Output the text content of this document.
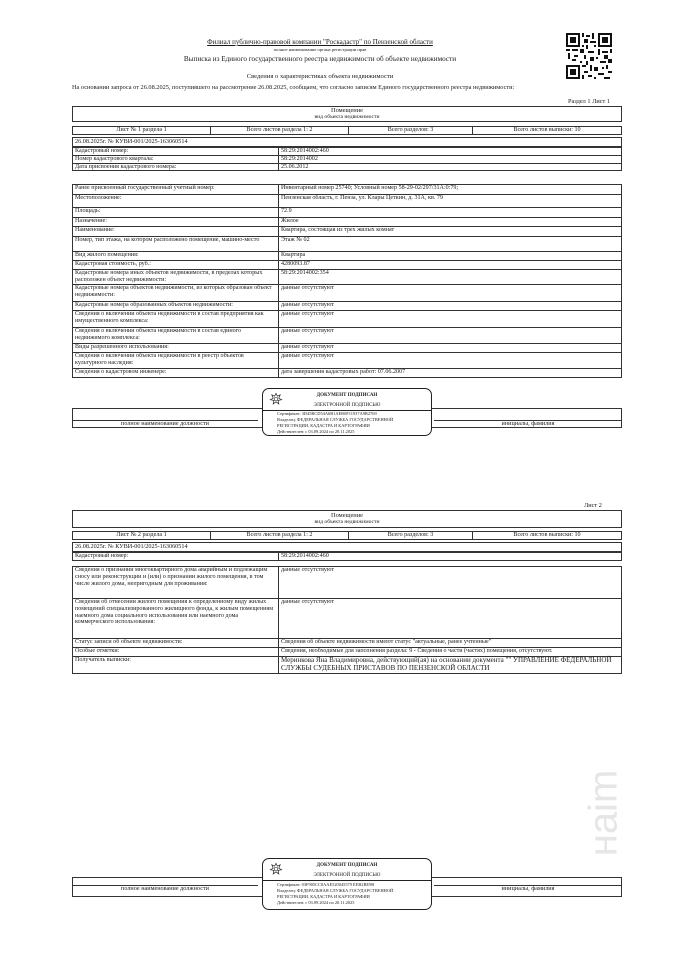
Филиал публично-правовой компании "Роскадастр" по Пензенской области
полное наименование органа регистрации прав
Выписка из Единого государственного реестра недвижимости об объекте недвижимости
Сведения о характеристиках объекта недвижимости
На основании запроса от 26.08.2025, поступившего на рассмотрение 26.08.2025, сообщаем, что согласно записям Единого государственного реестра недвижимости:
Раздел 1 Лист 1
Помещение
вид объекта недвижимости
Лист № 1 раздела 1	Всего листов раздела 1: 2	Всего разделов: 3	Всего листов выписки: 10
26.08.2025г. № КУВИ-001/2025-163060514
Кадастровый номер:	58:29:2014002:460
Номер кадастрового квартала:	58:29:2014002
Дата присвоения кадастрового номера:	25.06.2012
Ранее присвоенный государственный учетный номер:	Инвентарный номер 25740; Условный номер 58-29-02/297/31А:0:79;
Местоположение:	Пензенская область, г. Пенза, ул. Клары Цеткин, д. 31А, кв. 79
Площадь:	72.9
Назначение:	Жилое
Наименование:	Квартира, состоящая из трех жилых комнат
Номер, тип этажа, на котором расположено помещение, машино-место	Этаж № 02
Вид жилого помещения:	Квартира
Кадастровая стоимость, руб.:	4280093.87
Кадастровые номера иных объектов недвижимости, в пределах которых расположен объект недвижимости:	58:29:2014002:354
Кадастровые номера объектов недвижимости, из которых образован объект недвижимости:	данные отсутствуют
Кадастровые номера образованных объектов недвижимости:	данные отсутствуют
Сведения о включении объекта недвижимости в состав предприятия как имущественного комплекса:	данные отсутствуют
Сведения о включении объекта недвижимости в состав единого недвижимого комплекса:	данные отсутствуют
Виды разрешенного использования:	данные отсутствуют
Сведения о включении объекта недвижимости в реестр объектов культурного наследия:	данные отсутствуют
Сведения о кадастровом инженере:	дата завершения кадастровых работ: 07.06.2007
полное наименование должности	инициалы, фамилия
ДОКУМЕНТ ПОДПИСАН
ЭЛЕКТРОННОЙ ПОДПИСЬЮ
Сертификат: 3D45BCD54A6B1AEB0F11937A9B2769
Владелец: ФЕДЕРАЛЬНАЯ СЛУЖБА ГОСУДАРСТВЕННОЙ
РЕГИСТРАЦИИ, КАДАСТРА И КАРТОГРАФИИ
Действителен: с 03.09.2024 по 20.11.2025
Лист 2
Помещение
вид объекта недвижимости
Лист № 2 раздела 1	Всего листов раздела 1: 2	Всего разделов: 3	Всего листов выписки: 10
26.08.2025г. № КУВИ-001/2025-163060514
Кадастровый номер:	58:29:2014002:460
Сведения о признании многоквартирного дома аварийным и подлежащим сносу или реконструкции и (или) о признании жилого помещения, в том числе жилого дома, непригодным для проживания:	данные отсутствуют
Сведения об отнесении жилого помещения к определенному виду жилых помещений специализированного жилищного фонда, к жилым помещениям наемного дома социального использования или наемного дома коммерческого использования:	данные отсутствуют
Статус записи об объекте недвижимости:	Сведения об объекте недвижимости имеют статус "актуальные, ранее учтенные"
Особые отметки:	Сведения, необходимые для заполнения раздела: 9 - Сведения о части (частях) помещения, отсутствуют.
Получатель выписки:	Меринкова Яна Владимировна, действующий(ая) на основании документа "" УПРАВЛЕНИЕ ФЕДЕРАЛЬНОЙ СЛУЖБЫ СУДЕБНЫХ ПРИСТАВОВ ПО ПЕНЗЕНСКОЙ ОБЛАСТИ
нaim
полное наименование должности	инициалы, фамилия
ДОКУМЕНТ ПОДПИСАН
ЭЛЕКТРОННОЙ ПОДПИСЬЮ
Сертификат: 03F905CC8AAE520045579 ЕЕВ2BE9B
Владелец: ФЕДЕРАЛЬНАЯ СЛУЖБА ГОСУДАРСТВЕННОЙ
РЕГИСТРАЦИИ, КАДАСТРА И КАРТОГРАФИИ
Действителен: с 03.09.2024 по 20.11.2025
